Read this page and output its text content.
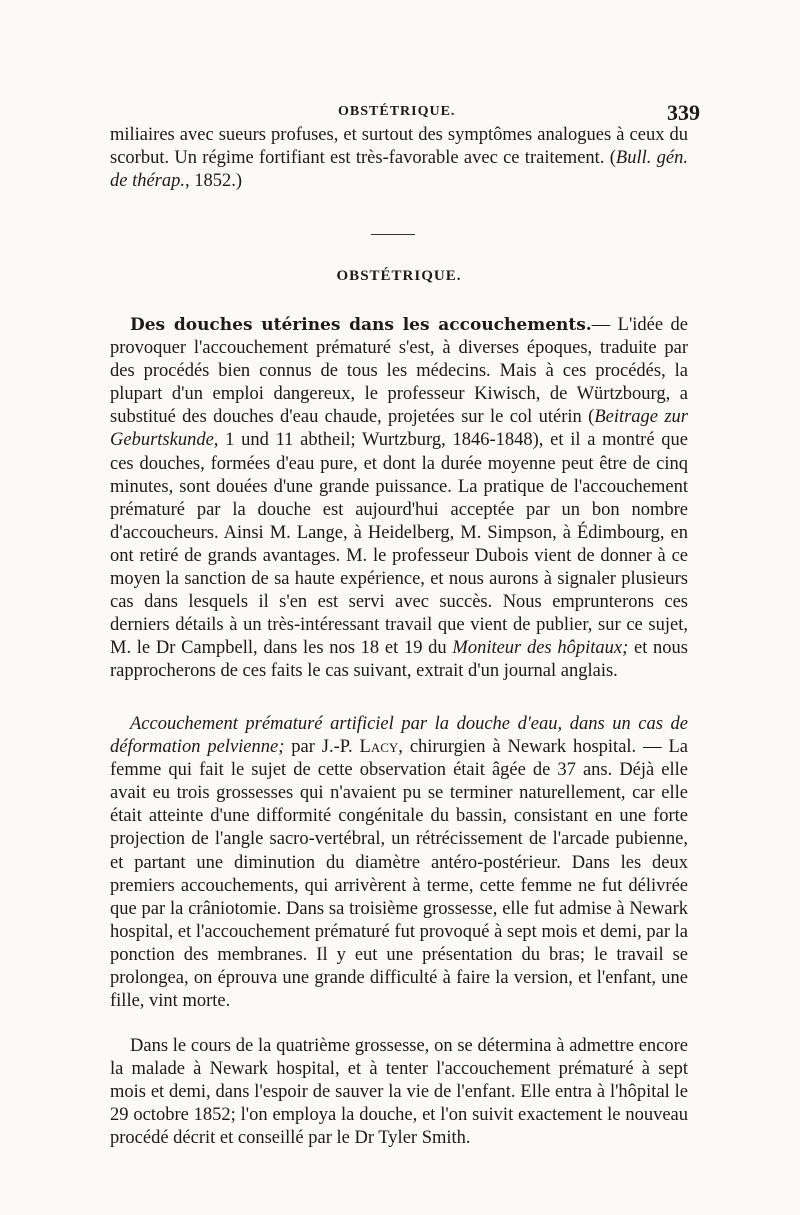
OBSTÉTRIQUE.	339

miliaires avec sueurs profuses, et surtout des symptômes analogues à ceux du scorbut. Un régime fortifiant est très-favorable avec ce traitement. (Bull. gén. de thérap., 1852.)

OBSTÉTRIQUE.

Des douches utérines dans les accouchements.— L'idée de provoquer l'accouchement prématuré s'est, à diverses époques, traduite par des procédés bien connus de tous les médecins. Mais à ces procédés, la plupart d'un emploi dangereux, le professeur Kiwisch, de Würtzbourg, a substitué des douches d'eau chaude, projetées sur le col utérin (Beitrage zur Geburtskunde, 1 und 11 abtheil; Wurtzburg, 1846-1848), et il a montré que ces douches, formées d'eau pure, et dont la durée moyenne peut être de cinq minutes, sont douées d'une grande puissance. La pratique de l'accouchement prématuré par la douche est aujourd'hui acceptée par un bon nombre d'accoucheurs. Ainsi M. Lange, à Heidelberg, M. Simpson, à Édimbourg, en ont retiré de grands avantages. M. le professeur Dubois vient de donner à ce moyen la sanction de sa haute expérience, et nous aurons à signaler plusieurs cas dans lesquels il s'en est servi avec succès. Nous emprunterons ces derniers détails à un très-intéressant travail que vient de publier, sur ce sujet, M. le Dr Campbell, dans les nos 18 et 19 du Moniteur des hôpitaux; et nous rapprocherons de ces faits le cas suivant, extrait d'un journal anglais.

Accouchement prématuré artificiel par la douche d'eau, dans un cas de déformation pelvienne; par J.-P. Lacy, chirurgien à Newark hospital. — La femme qui fait le sujet de cette observation était âgée de 37 ans. Déjà elle avait eu trois grossesses qui n'avaient pu se terminer naturellement, car elle était atteinte d'une difformité congénitale du bassin, consistant en une forte projection de l'angle sacro-vertébral, un rétrécissement de l'arcade pubienne, et partant une diminution du diamètre antéro-postérieur. Dans les deux premiers accouchements, qui arrivèrent à terme, cette femme ne fut délivrée que par la crâniotomie. Dans sa troisième grossesse, elle fut admise à Newark hospital, et l'accouchement prématuré fut provoqué à sept mois et demi, par la ponction des membranes. Il y eut une présentation du bras; le travail se prolongea, on éprouva une grande difficulté à faire la version, et l'enfant, une fille, vint morte.

Dans le cours de la quatrième grossesse, on se détermina à admettre encore la malade à Newark hospital, et à tenter l'accouchement prématuré à sept mois et demi, dans l'espoir de sauver la vie de l'enfant. Elle entra à l'hôpital le 29 octobre 1852; l'on employa la douche, et l'on suivit exactement le nouveau procédé décrit et conseillé par le Dr Tyler Smith.
